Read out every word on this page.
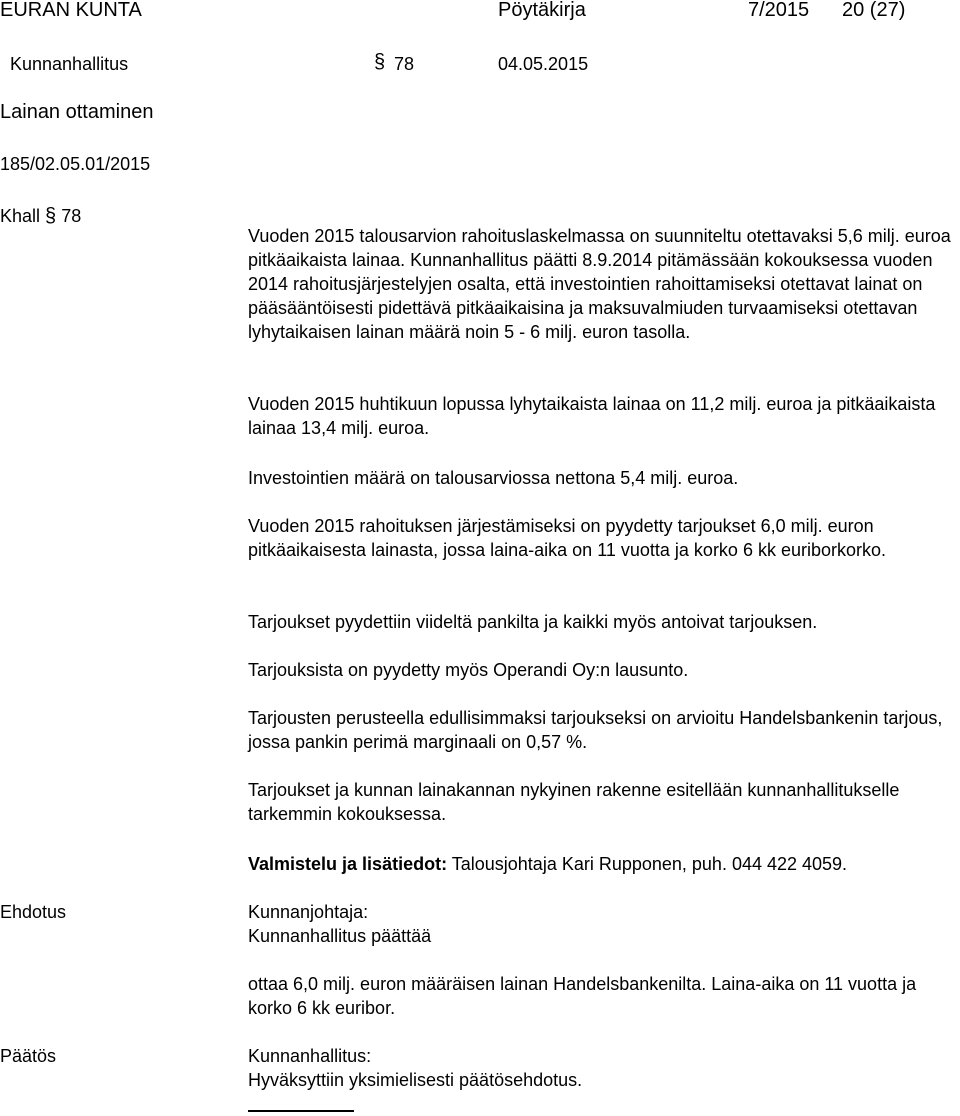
EURAN KUNTA	Pöytäkirja	7/2015 20 (27)
Kunnanhallitus	§ 78	04.05.2015
Lainan ottaminen
185/02.05.01/2015
Khall § 78

Vuoden 2015 talousarvion rahoituslaskelmassa on suunniteltu otettavaksi 5,6 milj. euroa pitkäaikaista lainaa. Kunnanhallitus päätti 8.9.2014 pitämässään kokouksessa vuoden 2014 rahoitusjärjestelyjen osalta, että investointien rahoittamiseksi otettavat lainat on pääsääntöisesti pidettävä pitkäaikaisina ja maksuvalmiuden turvaamiseksi otettavan lyhytaikaisen lainan määrä noin 5 - 6 milj. euron tasolla.

Vuoden 2015 huhtikuun lopussa lyhytaikaista lainaa on 11,2 milj. euroa ja pitkäaikaista lainaa 13,4 milj. euroa.

Investointien määrä on talousarviossa nettona 5,4 milj. euroa.

Vuoden 2015 rahoituksen järjestämiseksi on pyydetty tarjoukset 6,0 milj. euron pitkäaikaisesta lainasta, jossa laina-aika on 11 vuotta ja korko 6 kk euriborkorko.

Tarjoukset pyydettiin viideltä pankilta ja kaikki myös antoivat tarjouksen.

Tarjouksista on pyydetty myös Operandi Oy:n lausunto.

Tarjousten perusteella edullisimmaksi tarjoukseksi on arvioitu Handelsbankenin tarjous, jossa pankin perimä marginaali on 0,57 %.

Tarjoukset ja kunnan lainakannan nykyinen rakenne esitellään kunnanhallitukselle tarkemmin kokouksessa.

Valmistelu ja lisätiedot: Talousjohtaja Kari Rupponen, puh. 044 422 4059.
Ehdotus	Kunnanjohtaja:
Kunnanhallitus päättää

ottaa 6,0 milj. euron määräisen lainan Handelsbankenilta. Laina-aika on 11 vuotta ja korko 6 kk euribor.

Päätös	Kunnanhallitus:
Hyväksyttiin yksimielisesti päätösehdotus.
